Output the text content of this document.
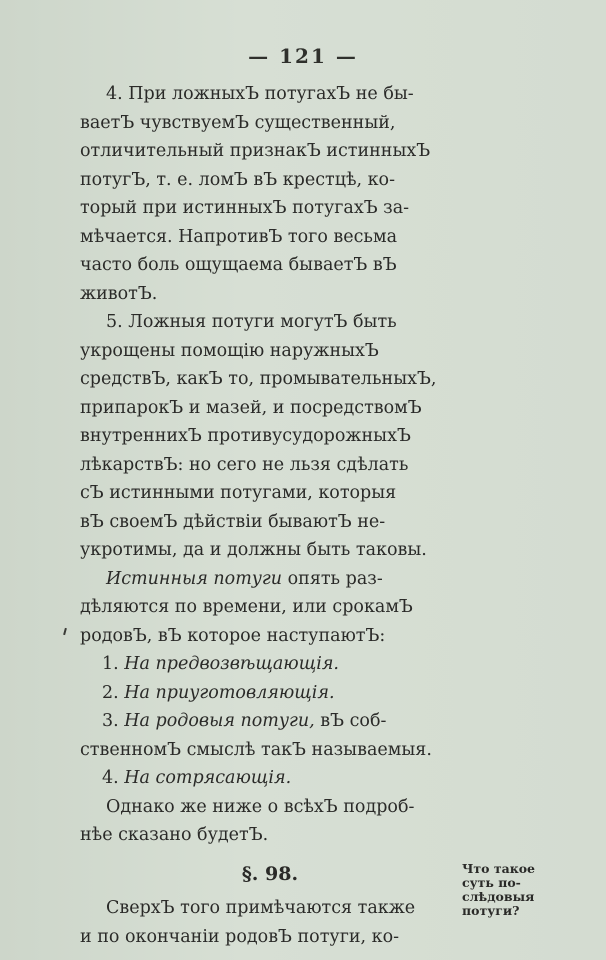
— 121 —

4. При ложныхЪ потугахЪ не бы-

ваетЪ чувствуемЪ существенный,

отличительный признакЪ истинныхЪ

потугЪ, т. е. ломЪ вЪ крестцѣ, ко-

торый при истинныхЪ потугахЪ за-

мѣчается. НапротивЪ того весьма

часто боль ощущаема бываетЪ вЪ

животЪ.

5. Ложныя потуги могутЪ быть

укрощены помощію наружныхЪ

средствЪ, какЪ то, промывательныхЪ,

припарокЪ и мазей, и посредствомЪ

внутреннихЪ противусудорожныхЪ

лѣкарствЪ: но сего не льзя сдѣлать

сЪ истинными потугами, которыя

вЪ своемЪ дѣйствіи бываютЪ не-

укротимы, да и должны быть таковы.

Истинныя потуги опять раз-

дѣляются по времени, или срокамЪ

родовЪ, вЪ которое наступаютЪ:

1. На предвозвѣщающія.

2. На приуготовляющія.

3. На родовыя потуги, вЪ соб-

ственномЪ смыслѣ такЪ называемыя.

4. На сотрясающія.

Однако же ниже о всѣхЪ подроб-

нѣе сказано будетЪ.

§. 98.

СверхЪ того примѣчаются также

и по окончаніи родовЪ потуги, ко-

Что такое
суть по-
слѣдовыя
потуги?
